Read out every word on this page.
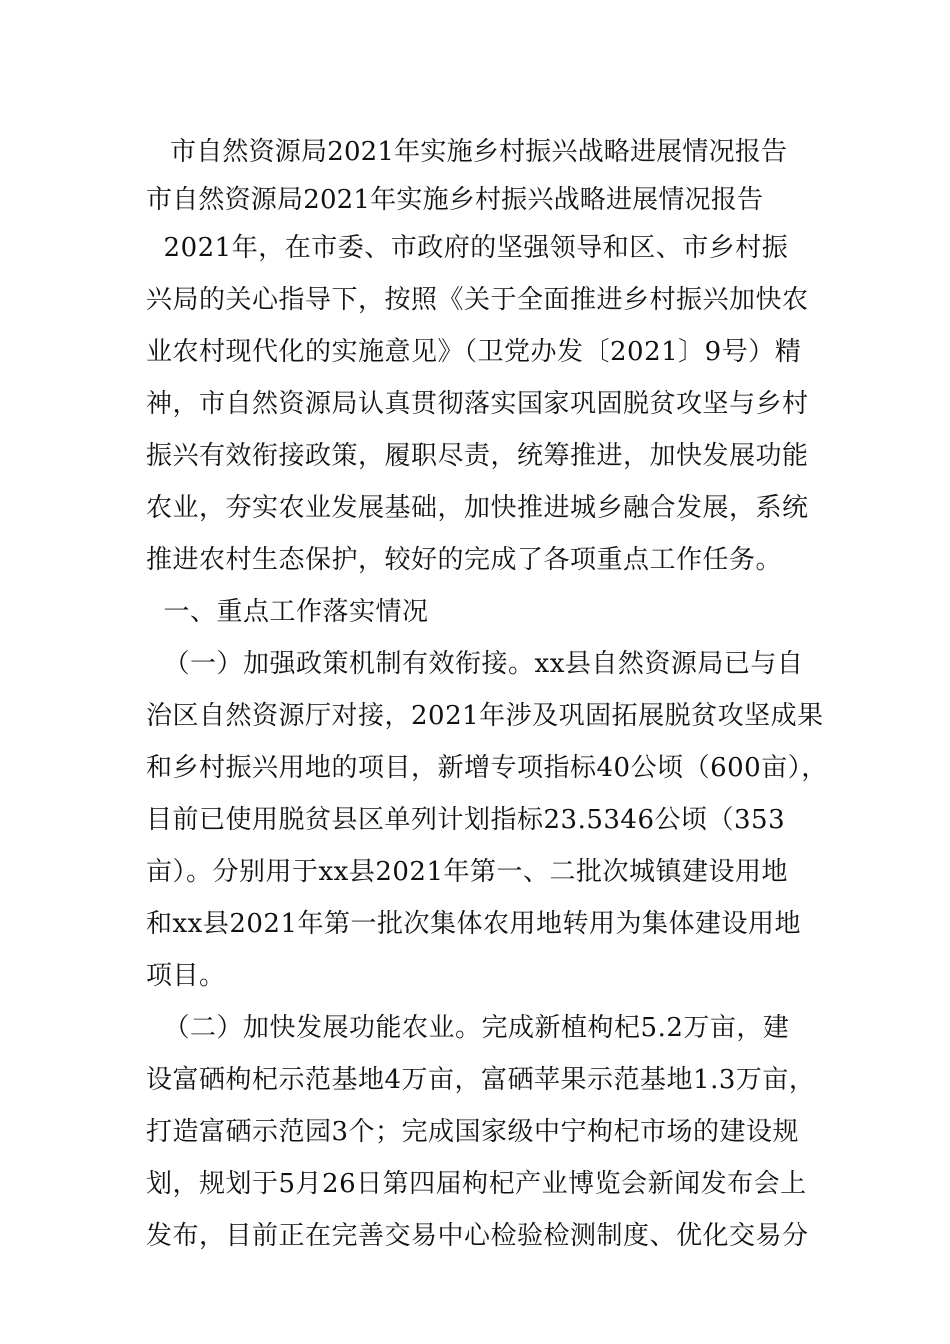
市自然资源局2021年实施乡村振兴战略进展情况报告
市自然资源局2021年实施乡村振兴战略进展情况报告
2021年，在市委、市政府的坚强领导和区、市乡村振
兴局的关心指导下，按照《关于全面推进乡村振兴加快农
业农村现代化的实施意见》（卫党办发〔2021〕9号）精
神，市自然资源局认真贯彻落实国家巩固脱贫攻坚与乡村
振兴有效衔接政策，履职尽责，统筹推进，加快发展功能
农业，夯实农业发展基础，加快推进城乡融合发展，系统
推进农村生态保护，较好的完成了各项重点工作任务。
一、重点工作落实情况
（一）加强政策机制有效衔接。xx县自然资源局已与自
治区自然资源厅对接，2021年涉及巩固拓展脱贫攻坚成果
和乡村振兴用地的项目，新增专项指标40公顷（600亩），
目前已使用脱贫县区单列计划指标23.5346公顷（353
亩）。分别用于xx县2021年第一、二批次城镇建设用地
和xx县2021年第一批次集体农用地转用为集体建设用地
项目。
（二）加快发展功能农业。完成新植枸杞5.2万亩，建
设富硒枸杞示范基地4万亩，富硒苹果示范基地1.3万亩，
打造富硒示范园3个；完成国家级中宁枸杞市场的建设规
划，规划于5月26日第四届枸杞产业博览会新闻发布会上
发布，目前正在完善交易中心检验检测制度、优化交易分
